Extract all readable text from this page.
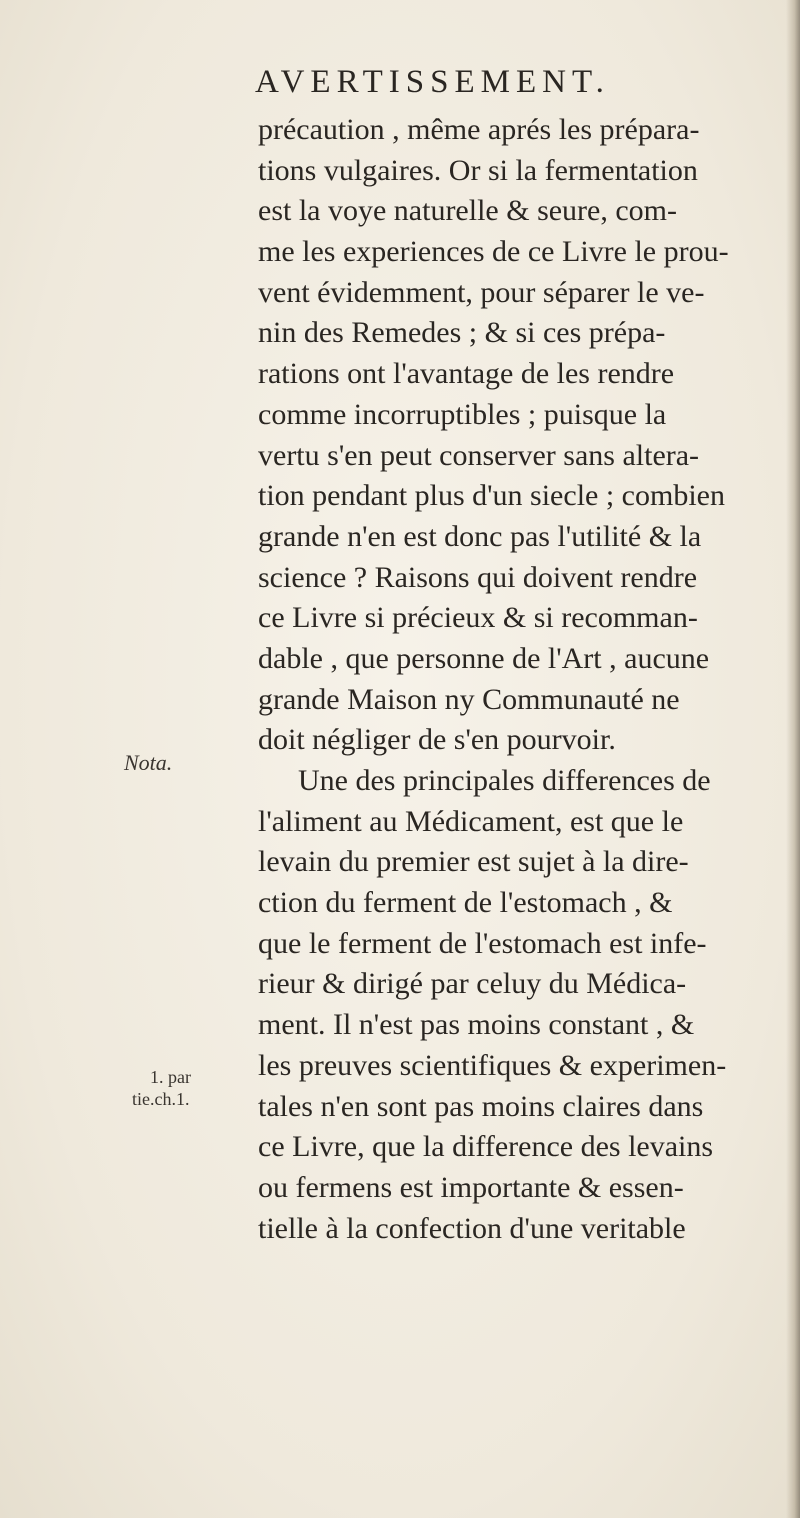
AVERTISSEMENT.
précaution , même aprés les prépara-
tions vulgaires. Or si la fermentation
est la voye naturelle & seure, com-
me les experiences de ce Livre le prou-
vent évidemment, pour séparer le ve-
nin des Remedes ; & si ces prépa-
rations ont l'avantage de les rendre
comme incorruptibles ; puisque la
vertu s'en peut conserver sans altera-
tion pendant plus d'un siecle ; combien
grande n'en est donc pas l'utilité & la
science ? Raisons qui doivent rendre
ce Livre si précieux & si recomman-
dable , que personne de l'Art , aucune
grande Maison ny Communauté ne
doit négliger de s'en pourvoir.
Une des principales differences de
l'aliment au Médicament, est que le
levain du premier est sujet à la dire-
ction du ferment de l'estomach , &
que le ferment de l'estomach est infe-
rieur & dirigé par celuy du Médica-
ment. Il n'est pas moins constant , &
les preuves scientifiques & experimen-
tales n'en sont pas moins claires dans
ce Livre, que la difference des levains
ou fermens est importante & essen-
tielle à la confection d'une veritable
Nota.
1. par
tie.ch.1.
